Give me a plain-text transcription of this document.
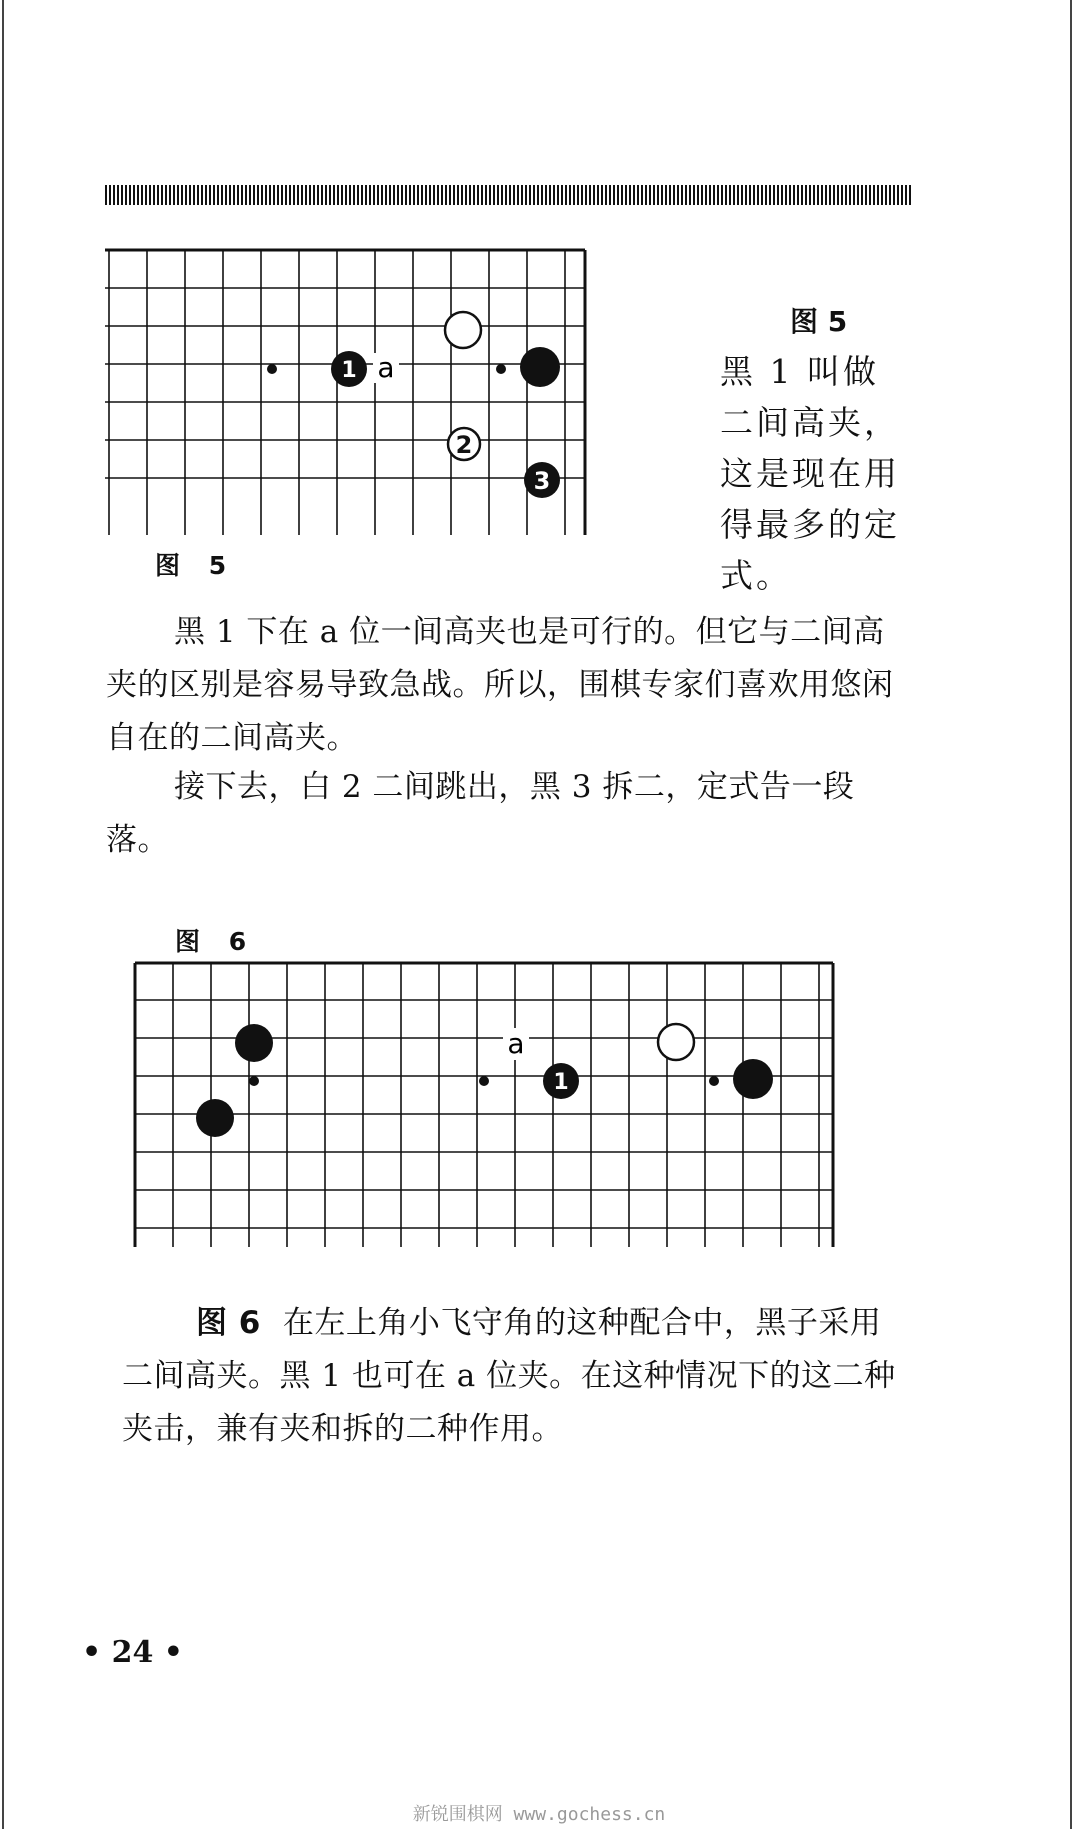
a
1
2
3
图 5
图 5
黑 1 叫做二间高夹，这是现在用得最多的定式。
黑 1 下在 a 位一间高夹也是可行的。但它与二间高夹的区别是容易导致急战。所以，围棋专家们喜欢用悠闲自在的二间高夹。
接下去，白 2 二间跳出，黑 3 拆二，定式告一段落。
图 6
a
1
图 6 在左上角小飞守角的这种配合中，黑子采用二间高夹。黑 1 也可在 a 位夹。在这种情况下的这二种夹击，兼有夹和拆的二种作用。
• 24 •
新锐围棋网 www.gochess.cn
